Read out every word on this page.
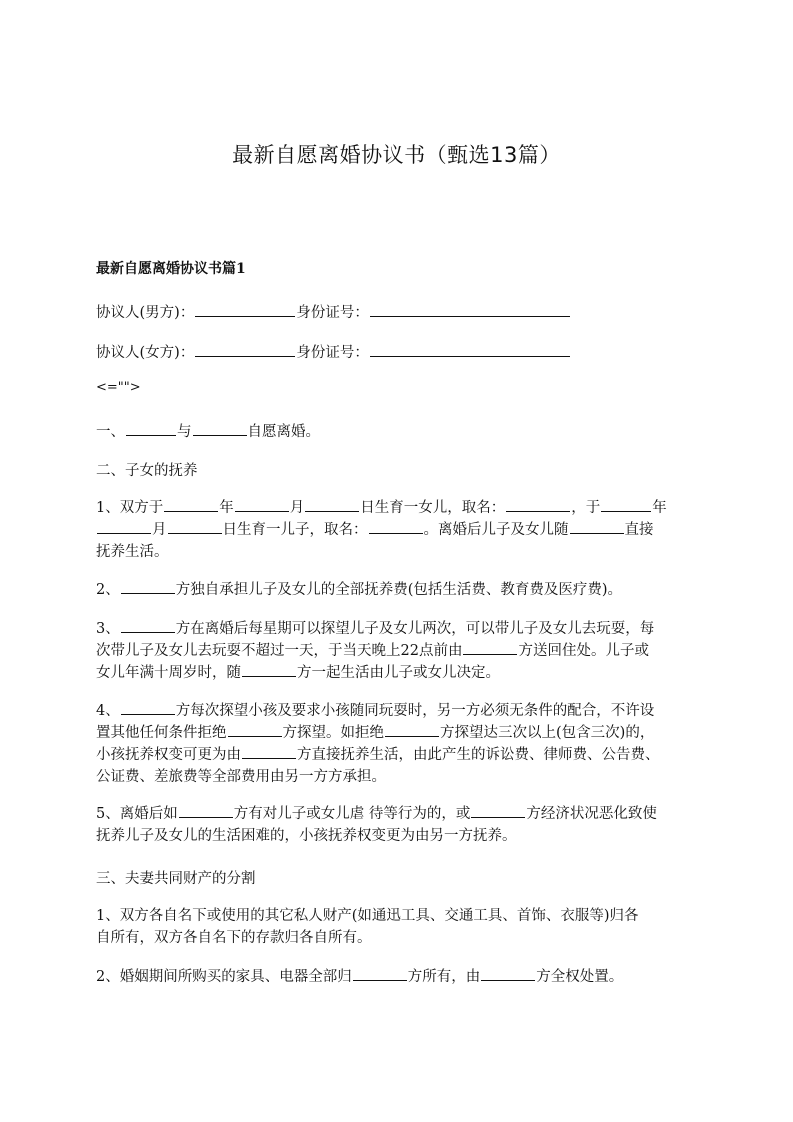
最新自愿离婚协议书（甄选13篇）
最新自愿离婚协议书篇1
协议人(男方)：	身份证号：
协议人(女方)：	身份证号：
<="">
一、	与	自愿离婚。
二、子女的抚养
1、双方于	年	月	日生育一女儿，取名：	，于	年
月	日生育一儿子，取名：	。离婚后儿子及女儿随	直接
抚养生活。
2、	方独自承担儿子及女儿的全部抚养费(包括生活费、教育费及医疗费)。
3、	方在离婚后每星期可以探望儿子及女儿两次，可以带儿子及女儿去玩耍，每
次带儿子及女儿去玩耍不超过一天，于当天晚上22点前由	方送回住处。儿子或
女儿年满十周岁时，随	方一起生活由儿子或女儿决定。
4、	方每次探望小孩及要求小孩随同玩耍时，另一方必须无条件的配合，不许设
置其他任何条件拒绝	方探望。如拒绝	方探望达三次以上(包含三次)的，
小孩抚养权变可更为由	方直接抚养生活，由此产生的诉讼费、律师费、公告费、
公证费、差旅费等全部费用由另一方方承担。
5、离婚后如	方有对儿子或女儿虐 待等行为的，或	方经济状况恶化致使
抚养儿子及女儿的生活困难的，小孩抚养权变更为由另一方抚养。
三、夫妻共同财产的分割
1、双方各自名下或使用的其它私人财产(如通迅工具、交通工具、首饰、衣服等)归各
自所有，双方各自名下的存款归各自所有。
2、婚姻期间所购买的家具、电器全部归	方所有，由	方全权处置。
